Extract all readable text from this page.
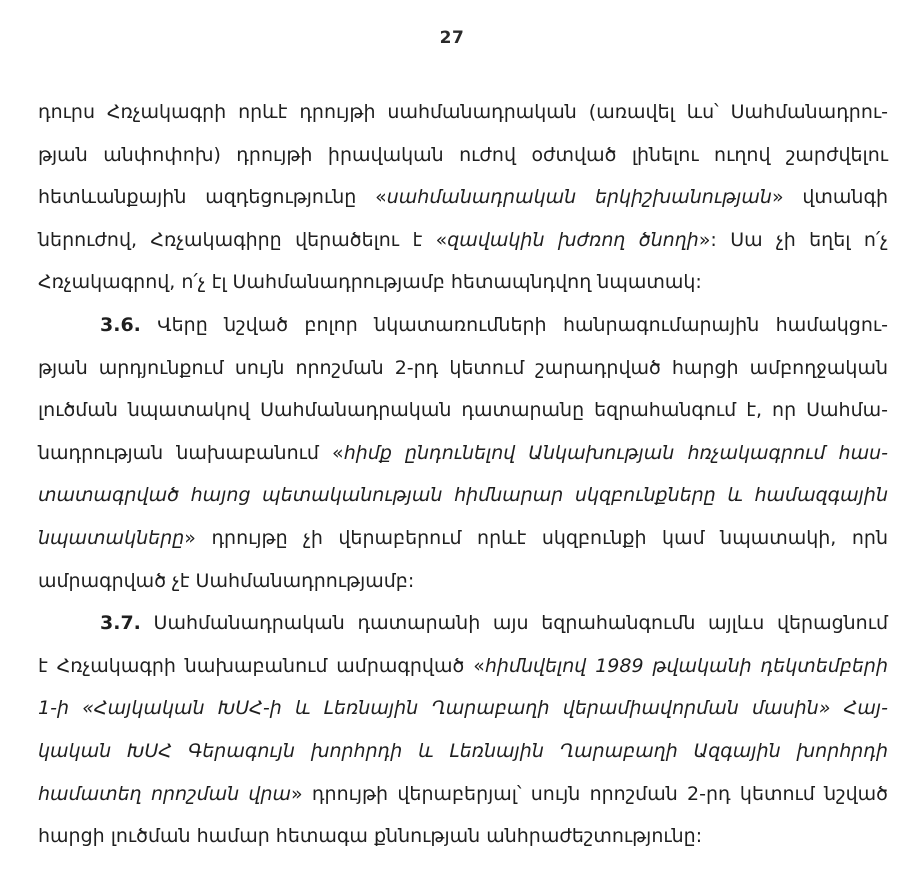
27
դուրս Հռչակագրի որևէ դրույթի սահմանադրական (առավել ևս՝ Սահմանադրու-
թյան անփոփոխ) դրույթի իրավական ուժով օժտված լինելու ուղով շարժվելու
հետևանքային ազդեցությունը «սահմանադրական երկիշխանության» վտանգի
ներուժով, Հռչակագիրը վերածելու է «զավակին խժռող ծնողի»: Սա չի եղել ո՛չ
Հռչակագրով, ո՛չ էլ Սահմանադրությամբ հետապնդվող նպատակ:
3.6. Վերը նշված բոլոր նկատառումների հանրագումարային համակցու-
թյան արդյունքում սույն որոշման 2-րդ կետում շարադրված հարցի ամբողջական
լուծման նպատակով Սահմանադրական դատարանը եզրահանգում է, որ Սահմա-
նադրության նախաբանում «հիմք ընդունելով Անկախության հռչակագրում հաս-
տատագրված հայոց պետականության հիմնարար սկզբունքները և համազգային
նպատակները» դրույթը չի վերաբերում որևէ սկզբունքի կամ նպատակի, որն
ամրագրված չէ Սահմանադրությամբ:
3.7. Սահմանադրական դատարանի այս եզրահանգումն այլևս վերացնում
է Հռչակագրի նախաբանում ամրագրված «հիմնվելով 1989 թվականի դեկտեմբերի
1-ի «Հայկական ԽՍՀ-ի և Լեռնային Ղարաբաղի վերամիավորման մասին» Հայ-
կական ԽՍՀ Գերագույն խորհրդի և Լեռնային Ղարաբաղի Ազգային խորհրդի
համատեղ որոշման վրա» դրույթի վերաբերյալ՝ սույն որոշման 2-րդ կետում նշված
հարցի լուծման համար հետագա քննության անհրաժեշտությունը:
